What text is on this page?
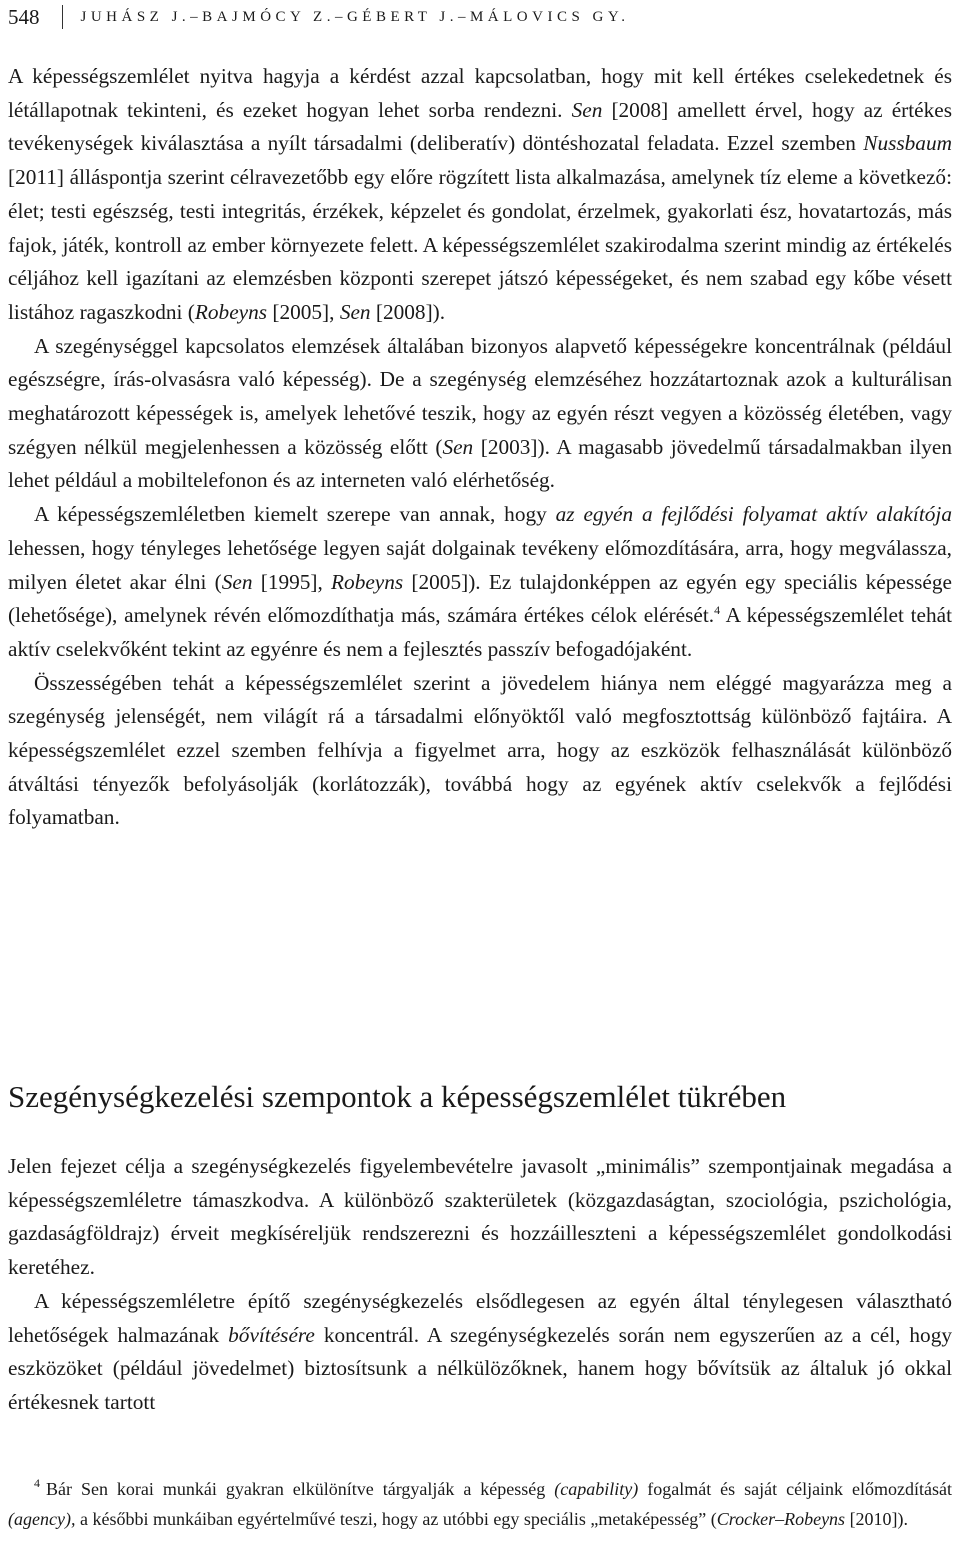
548	JUHÁSZ J.–BAJMÓCY Z.–GÉBERT J.–MÁLOVICS GY.

A képességszemlélet nyitva hagyja a kérdést azzal kapcsolatban, hogy mit kell értékes cselekedetnek és létállapotnak tekinteni, és ezeket hogyan lehet sorba rendezni. Sen [2008] amellett érvel, hogy az értékes tevékenységek kiválasztása a nyílt társadalmi (deliberatív) döntéshozatal feladata. Ezzel szemben Nussbaum [2011] álláspontja szerint célravezetőbb egy előre rögzített lista alkalmazása, amelynek tíz eleme a következő: élet; testi egészség, testi integritás, érzékek, képzelet és gondolat, érzelmek, gyakorlati ész, hovatartozás, más fajok, játék, kontroll az ember környezete felett. A képességszemlélet szakirodalma szerint mindig az értékelés céljához kell igazítani az elemzésben központi szerepet játszó képességeket, és nem szabad egy kőbe vésett listához ragaszkodni (Robeyns [2005], Sen [2008]).

A szegénységgel kapcsolatos elemzések általában bizonyos alapvető képességekre koncentrálnak (például egészségre, írás-olvasásra való képesség). De a szegénység elemzéséhez hozzátartoznak azok a kulturálisan meghatározott képességek is, amelyek lehetővé teszik, hogy az egyén részt vegyen a közösség életében, vagy szégyen nélkül megjelenhessen a közösség előtt (Sen [2003]). A magasabb jövedelmű társadalmakban ilyen lehet például a mobiltelefonon és az interneten való elérhetőség.

A képességszemléletben kiemelt szerepe van annak, hogy az egyén a fejlődési folyamat aktív alakítója lehessen, hogy tényleges lehetősége legyen saját dolgainak tevékeny előmozdítására, arra, hogy megválassza, milyen életet akar élni (Sen [1995], Robeyns [2005]). Ez tulajdonképpen az egyén egy speciális képessége (lehetősége), amelynek révén előmozdíthatja más, számára értékes célok elérését.$^4$ A képességszemlélet tehát aktív cselekvőként tekint az egyénre és nem a fejlesztés passzív befogadójaként.

Összességében tehát a képességszemlélet szerint a jövedelem hiánya nem eléggé magyarázza meg a szegénység jelenségét, nem világít rá a társadalmi előnyöktől való megfosztottság különböző fajtáira. A képességszemlélet ezzel szemben felhívja a figyelmet arra, hogy az eszközök felhasználását különböző átváltási tényezők befolyásolják (korlátozzák), továbbá hogy az egyének aktív cselekvők a fejlődési folyamatban.

Szegénységkezelési szempontok a képességszemlélet tükrében

Jelen fejezet célja a szegénységkezelés figyelembevételre javasolt „minimális” szempontjainak megadása a képességszemléletre támaszkodva. A különböző szakterületek (közgazdaságtan, szociológia, pszichológia, gazdaságföldrajz) érveit megkíséreljük rendszerezni és hozzáilleszteni a képességszemlélet gondolkodási keretéhez.

A képességszemléletre építő szegénységkezelés elsődlegesen az egyén által ténylegesen választható lehetőségek halmazának bővítésére koncentrál. A szegénységkezelés során nem egyszerűen az a cél, hogy eszközöket (például jövedelmet) biztosítsunk a nélkülözőknek, hanem hogy bővítsük az általuk jó okkal értékesnek tartott

$^4$ Bár Sen korai munkái gyakran elkülönítve tárgyalják a képesség (capability) fogalmát és saját céljaink előmozdítását (agency), a későbbi munkáiban egyértelművé teszi, hogy az utóbbi egy speciális „metaképesség” (Crocker–Robeyns [2010]).
